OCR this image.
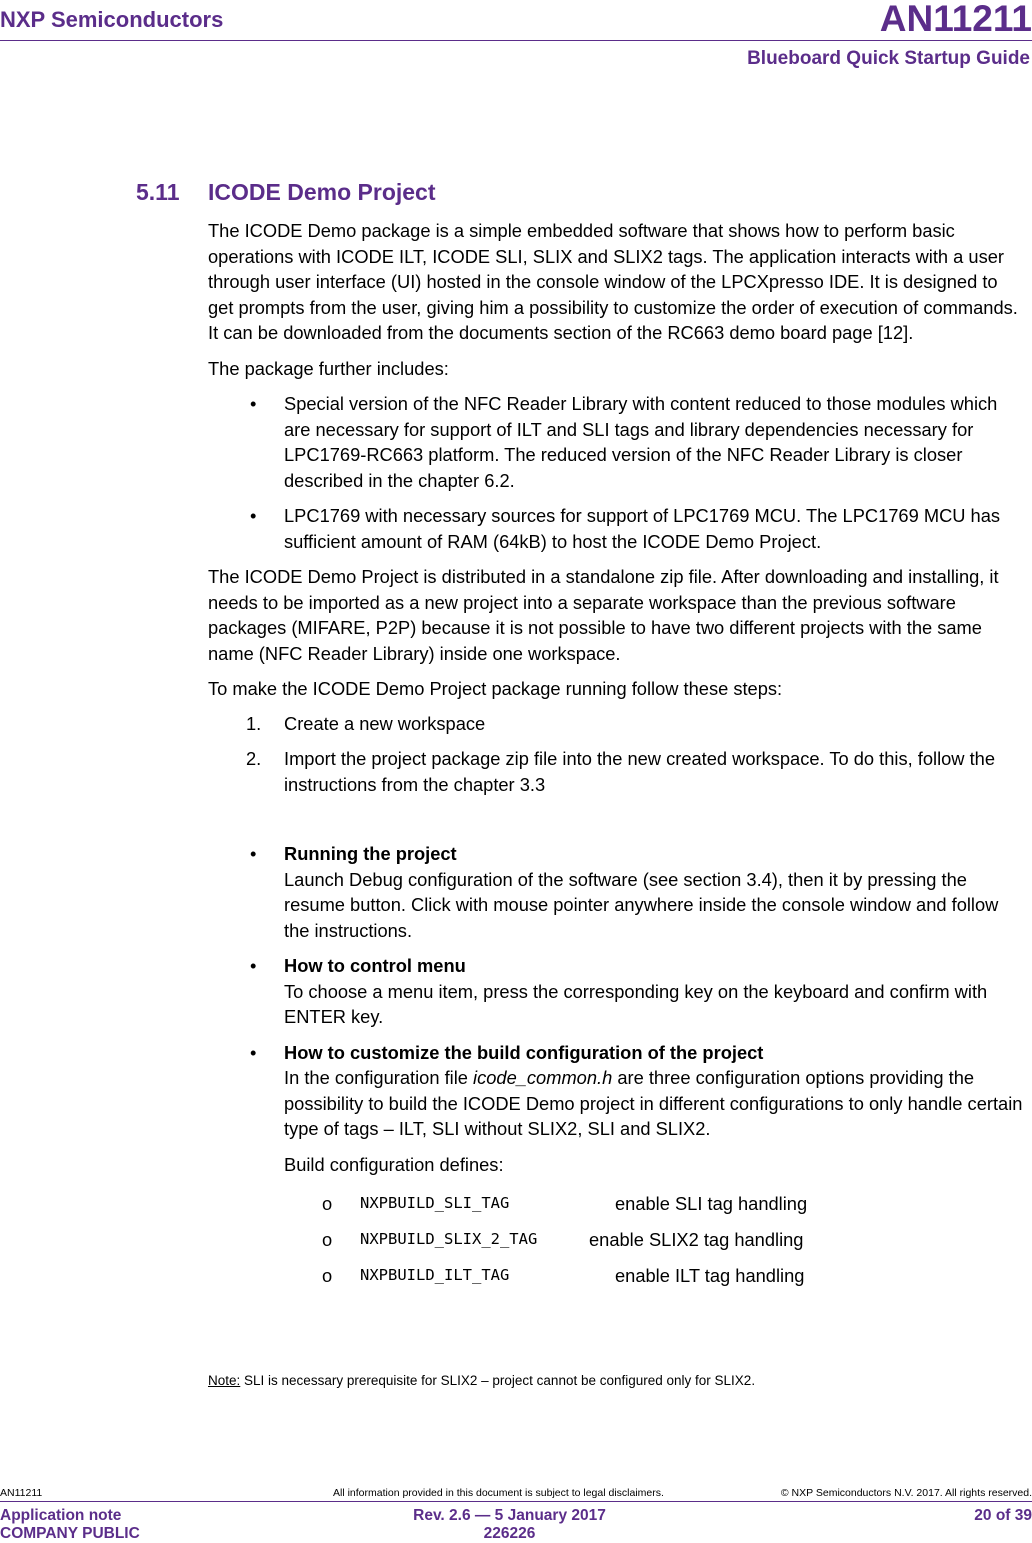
NXP Semiconductors	AN11211
Blueboard Quick Startup Guide
5.11 ICODE Demo Project

The ICODE Demo package is a simple embedded software that shows how to perform basic operations with ICODE ILT, ICODE SLI, SLIX and SLIX2 tags. The application interacts with a user through user interface (UI) hosted in the console window of the LPCXpresso IDE. It is designed to get prompts from the user, giving him a possibility to customize the order of execution of commands. It can be downloaded from the documents section of the RC663 demo board page [12].

The package further includes:

• Special version of the NFC Reader Library with content reduced to those modules which are necessary for support of ILT and SLI tags and library dependencies necessary for LPC1769-RC663 platform. The reduced version of the NFC Reader Library is closer described in the chapter 6.2.
• LPC1769 with necessary sources for support of LPC1769 MCU. The LPC1769 MCU has sufficient amount of RAM (64kB) to host the ICODE Demo Project.

The ICODE Demo Project is distributed in a standalone zip file. After downloading and installing, it needs to be imported as a new project into a separate workspace than the previous software packages (MIFARE, P2P) because it is not possible to have two different projects with the same name (NFC Reader Library) inside one workspace.

To make the ICODE Demo Project package running follow these steps:

1. Create a new workspace
2. Import the project package zip file into the new created workspace. To do this, follow the instructions from the chapter 3.3
• Running the project
Launch Debug configuration of the software (see section 3.4), then it by pressing the resume button. Click with mouse pointer anywhere inside the console window and follow the instructions.
• How to control menu
To choose a menu item, press the corresponding key on the keyboard and confirm with ENTER key.
• How to customize the build configuration of the project
In the configuration file icode_common.h are three configuration options providing the possibility to build the ICODE Demo project in different configurations to only handle certain type of tags – ILT, SLI without SLIX2, SLI and SLIX2.
Build configuration defines:
o NXPBUILD_SLI_TAG	enable SLI tag handling
o NXPBUILD_SLIX_2_TAG	enable SLIX2 tag handling
o NXPBUILD_ILT_TAG	enable ILT tag handling
Note: SLI is necessary prerequisite for SLIX2 – project cannot be configured only for SLIX2.
AN11211	All information provided in this document is subject to legal disclaimers.	© NXP Semiconductors N.V. 2017. All rights reserved.
Application note
COMPANY PUBLIC
Rev. 2.6 — 5 January 2017
226226
20 of 39
